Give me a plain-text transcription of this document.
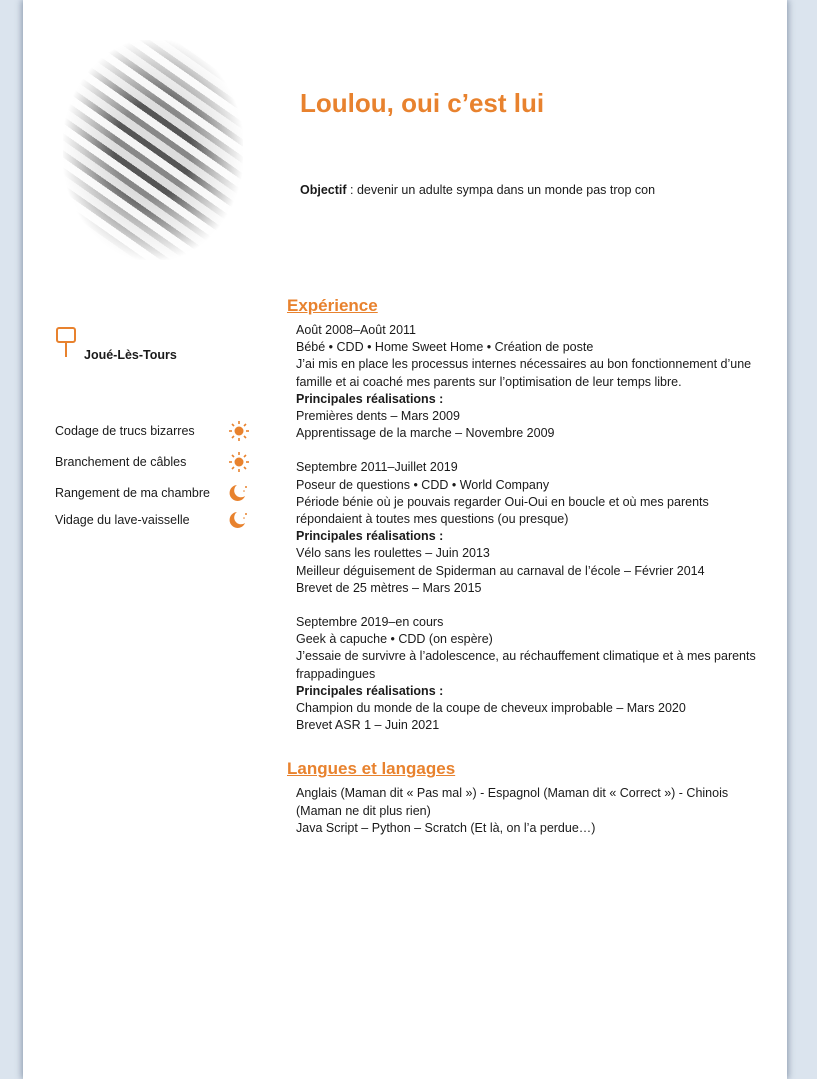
Loulou, oui c’est lui
Objectif : devenir un adulte sympa dans un monde pas trop con
Joué-Lès-Tours
Codage de trucs bizarres
Branchement de câbles
Rangement de ma chambre
Vidage du lave-vaisselle
Expérience
Août 2008–Août 2011
Bébé • CDD • Home Sweet Home • Création de poste
J’ai mis en place les processus internes nécessaires au bon fonctionnement d’une famille et ai coaché mes parents sur l’optimisation de leur temps libre.
Principales réalisations :
Premières dents – Mars 2009
Apprentissage de la marche – Novembre 2009
Septembre 2011–Juillet 2019
Poseur de questions • CDD • World Company
Période bénie où je pouvais regarder Oui-Oui en boucle et où mes parents répondaient à toutes mes questions (ou presque)
Principales réalisations :
Vélo sans les roulettes – Juin 2013
Meilleur déguisement de Spiderman au carnaval de l’école – Février 2014
Brevet de 25 mètres – Mars 2015
Septembre 2019–en cours
Geek à capuche • CDD (on espère)
J’essaie de survivre à l’adolescence, au réchauffement climatique et à mes parents frappadingues
Principales réalisations :
Champion du monde de la coupe de cheveux improbable – Mars 2020
Brevet ASR 1 – Juin 2021
Langues et langages
Anglais (Maman dit « Pas mal ») - Espagnol (Maman dit « Correct ») - Chinois (Maman ne dit plus rien)
Java Script – Python – Scratch (Et là, on l’a perdue…)
